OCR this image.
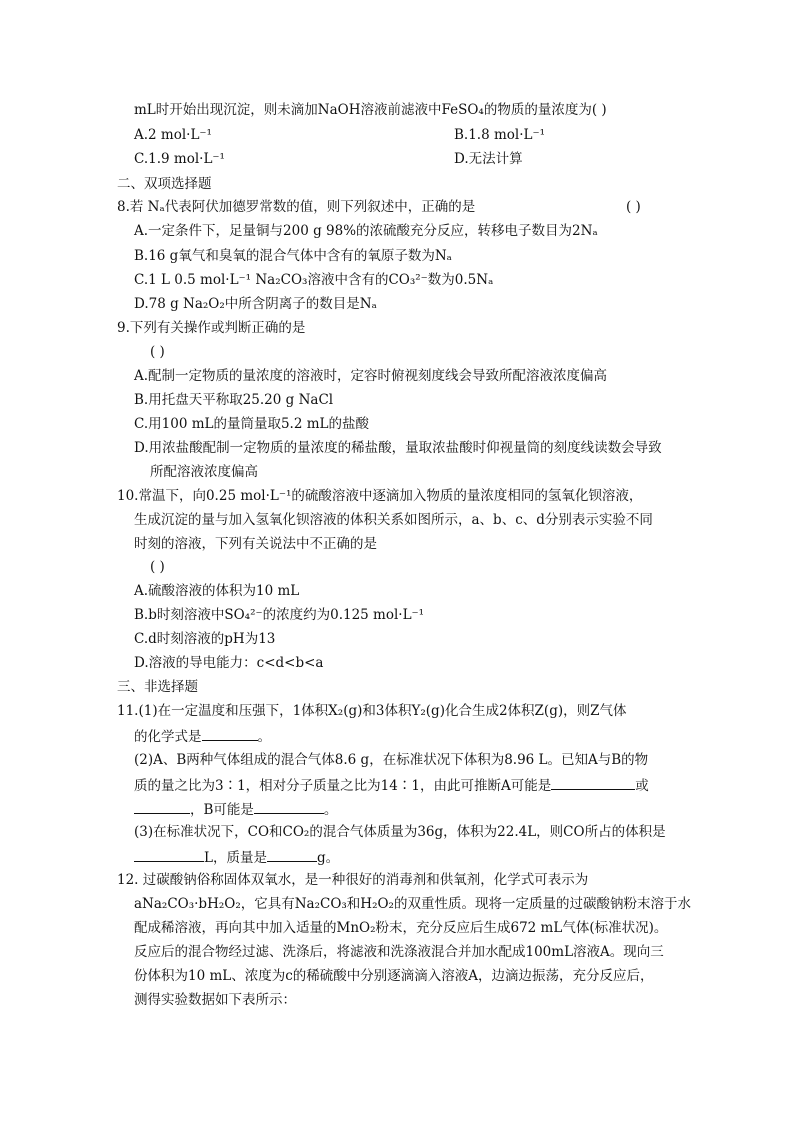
mL时开始出现沉淀，则未滴加NaOH溶液前滤液中FeSO₄的物质的量浓度为( )
A.2 mol·L⁻¹	B.1.8 mol·L⁻¹
C.1.9 mol·L⁻¹	D.无法计算
二、双项选择题
8.若 Nₐ代表阿伏加德罗常数的值，则下列叙述中，正确的是	( )
A.一定条件下，足量铜与200 g 98%的浓硫酸充分反应，转移电子数目为2Nₐ
B.16 g氧气和臭氧的混合气体中含有的氧原子数为Nₐ
C.1 L 0.5 mol·L⁻¹ Na₂CO₃溶液中含有的CO₃²⁻数为0.5Nₐ
D.78 g Na₂O₂中所含阴离子的数目是Nₐ
9.下列有关操作或判断正确的是
( )
A.配制一定物质的量浓度的溶液时，定容时俯视刻度线会导致所配溶液浓度偏高
B.用托盘天平称取25.20 g NaCl
C.用100 mL的量筒量取5.2 mL的盐酸
D.用浓盐酸配制一定物质的量浓度的稀盐酸，量取浓盐酸时仰视量筒的刻度线读数会导致
所配溶液浓度偏高
10.常温下，向0.25 mol·L⁻¹的硫酸溶液中逐滴加入物质的量浓度相同的氢氧化钡溶液，
生成沉淀的量与加入氢氧化钡溶液的体积关系如图所示，a、b、c、d分别表示实验不同
时刻的溶液，下列有关说法中不正确的是
( )
A.硫酸溶液的体积为10 mL
B.b时刻溶液中SO₄²⁻的浓度约为0.125 mol·L⁻¹
C.d时刻溶液的pH为13
D.溶液的导电能力：c<d<b<a
三、非选择题
11.(1)在一定温度和压强下，1体积X₂(g)和3体积Y₂(g)化合生成2体积Z(g)，则Z气体
的化学式是	。
(2)A、B两种气体组成的混合气体8.6 g，在标准状况下体积为8.96 L。已知A与B的物
质的量之比为3∶1，相对分子质量之比为14∶1，由此可推断A可能是	或
，B可能是	。
(3)在标准状况下，CO和CO₂的混合气体质量为36g，体积为22.4L，则CO所占的体积是
L，质量是	g。
12. 过碳酸钠俗称固体双氧水，是一种很好的消毒剂和供氧剂，化学式可表示为
aNa₂CO₃·bH₂O₂，它具有Na₂CO₃和H₂O₂的双重性质。现将一定质量的过碳酸钠粉末溶于水
配成稀溶液，再向其中加入适量的MnO₂粉末，充分反应后生成672 mL气体(标准状况)。
反应后的混合物经过滤、洗涤后，将滤液和洗涤液混合并加水配成100mL溶液A。现向三
份体积为10 mL、浓度为c的稀硫酸中分别逐滴滴入溶液A，边滴边振荡，充分反应后，
测得实验数据如下表所示：
